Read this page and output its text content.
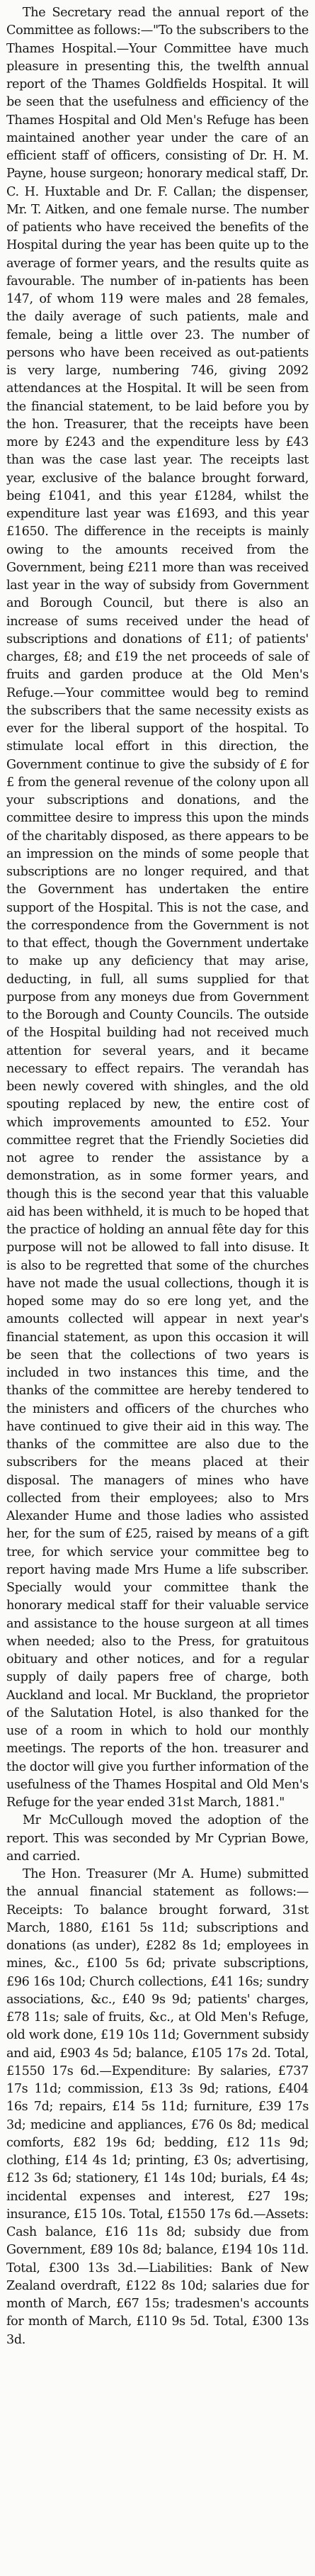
The Secretary read the annual report of the Committee as follows:—"To the subscribers to the Thames Hospital.—Your Committee have much pleasure in presenting this, the twelfth annual report of the Thames Goldfields Hospital. It will be seen that the usefulness and efficiency of the Thames Hospital and Old Men's Refuge has been maintained another year under the care of an efficient staff of officers, consisting of Dr. H. M. Payne, house surgeon; honorary medical staff, Dr. C. H. Huxtable and Dr. F. Callan; the dispenser, Mr. T. Aitken, and one female nurse. The number of patients who have received the benefits of the Hospital during the year has been quite up to the average of former years, and the results quite as favourable. The number of in-patients has been 147, of whom 119 were males and 28 females, the daily average of such patients, male and female, being a little over 23. The number of persons who have been received as out-patients is very large, numbering 746, giving 2092 attendances at the Hospital. It will be seen from the financial statement, to be laid before you by the hon. Treasurer, that the receipts have been more by £243 and the expenditure less by £43 than was the case last year. The receipts last year, exclusive of the balance brought forward, being £1041, and this year £1284, whilst the expenditure last year was £1693, and this year £1650. The difference in the receipts is mainly owing to the amounts received from the Government, being £211 more than was received last year in the way of subsidy from Government and Borough Council, but there is also an increase of sums received under the head of subscriptions and donations of £11; of patients' charges, £8; and £19 the net proceeds of sale of fruits and garden produce at the Old Men's Refuge.—Your committee would beg to remind the subscribers that the same necessity exists as ever for the liberal support of the hospital. To stimulate local effort in this direction, the Government continue to give the subsidy of £ for £ from the general revenue of the colony upon all your subscriptions and donations, and the committee desire to impress this upon the minds of the charitably disposed, as there appears to be an impression on the minds of some people that subscriptions are no longer required, and that the Government has undertaken the entire support of the Hospital. This is not the case, and the correspondence from the Government is not to that effect, though the Government undertake to make up any deficiency that may arise, deducting, in full, all sums supplied for that purpose from any moneys due from Government to the Borough and County Councils. The outside of the Hospital building had not received much attention for several years, and it became necessary to effect repairs. The verandah has been newly covered with shingles, and the old spouting replaced by new, the entire cost of which improvements amounted to £52. Your committee regret that the Friendly Societies did not agree to render the assistance by a demonstration, as in some former years, and though this is the second year that this valuable aid has been withheld, it is much to be hoped that the practice of holding an annual fête day for this purpose will not be allowed to fall into disuse. It is also to be regretted that some of the churches have not made the usual collections, though it is hoped some may do so ere long yet, and the amounts collected will appear in next year's financial statement, as upon this occasion it will be seen that the collections of two years is included in two instances this time, and the thanks of the committee are hereby tendered to the ministers and officers of the churches who have continued to give their aid in this way. The thanks of the committee are also due to the subscribers for the means placed at their disposal. The managers of mines who have collected from their employees; also to Mrs Alexander Hume and those ladies who assisted her, for the sum of £25, raised by means of a gift tree, for which service your committee beg to report having made Mrs Hume a life subscriber. Specially would your committee thank the honorary medical staff for their valuable service and assistance to the house surgeon at all times when needed; also to the Press, for gratuitous obituary and other notices, and for a regular supply of daily papers free of charge, both Auckland and local. Mr Buckland, the proprietor of the Salutation Hotel, is also thanked for the use of a room in which to hold our monthly meetings. The reports of the hon. treasurer and the doctor will give you further information of the usefulness of the Thames Hospital and Old Men's Refuge for the year ended 31st March, 1881."

Mr McCullough moved the adoption of the report. This was seconded by Mr Cyprian Bowe, and carried.

The Hon. Treasurer (Mr A. Hume) submitted the annual financial statement as follows:—Receipts: To balance brought forward, 31st March, 1880, £161 5s 11d; subscriptions and donations (as under), £282 8s 1d; employees in mines, &c., £100 5s 6d; private subscriptions, £96 16s 10d; Church collections, £41 16s; sundry associations, &c., £40 9s 9d; patients' charges, £78 11s; sale of fruits, &c., at Old Men's Refuge, old work done, £19 10s 11d; Government subsidy and aid, £903 4s 5d; balance, £105 17s 2d. Total, £1550 17s 6d.—Expenditure: By salaries, £737 17s 11d; commission, £13 3s 9d; rations, £404 16s 7d; repairs, £14 5s 11d; furniture, £39 17s 3d; medicine and appliances, £76 0s 8d; medical comforts, £82 19s 6d; bedding, £12 11s 9d; clothing, £14 4s 1d; printing, £3 0s; advertising, £12 3s 6d; stationery, £1 14s 10d; burials, £4 4s; incidental expenses and interest, £27 19s; insurance, £15 10s. Total, £1550 17s 6d.—Assets: Cash balance, £16 11s 8d; subsidy due from Government, £89 10s 8d; balance, £194 10s 11d. Total, £300 13s 3d.—Liabilities: Bank of New Zealand overdraft, £122 8s 10d; salaries due for month of March, £67 15s; tradesmen's accounts for month of March, £110 9s 5d. Total, £300 13s 3d.
